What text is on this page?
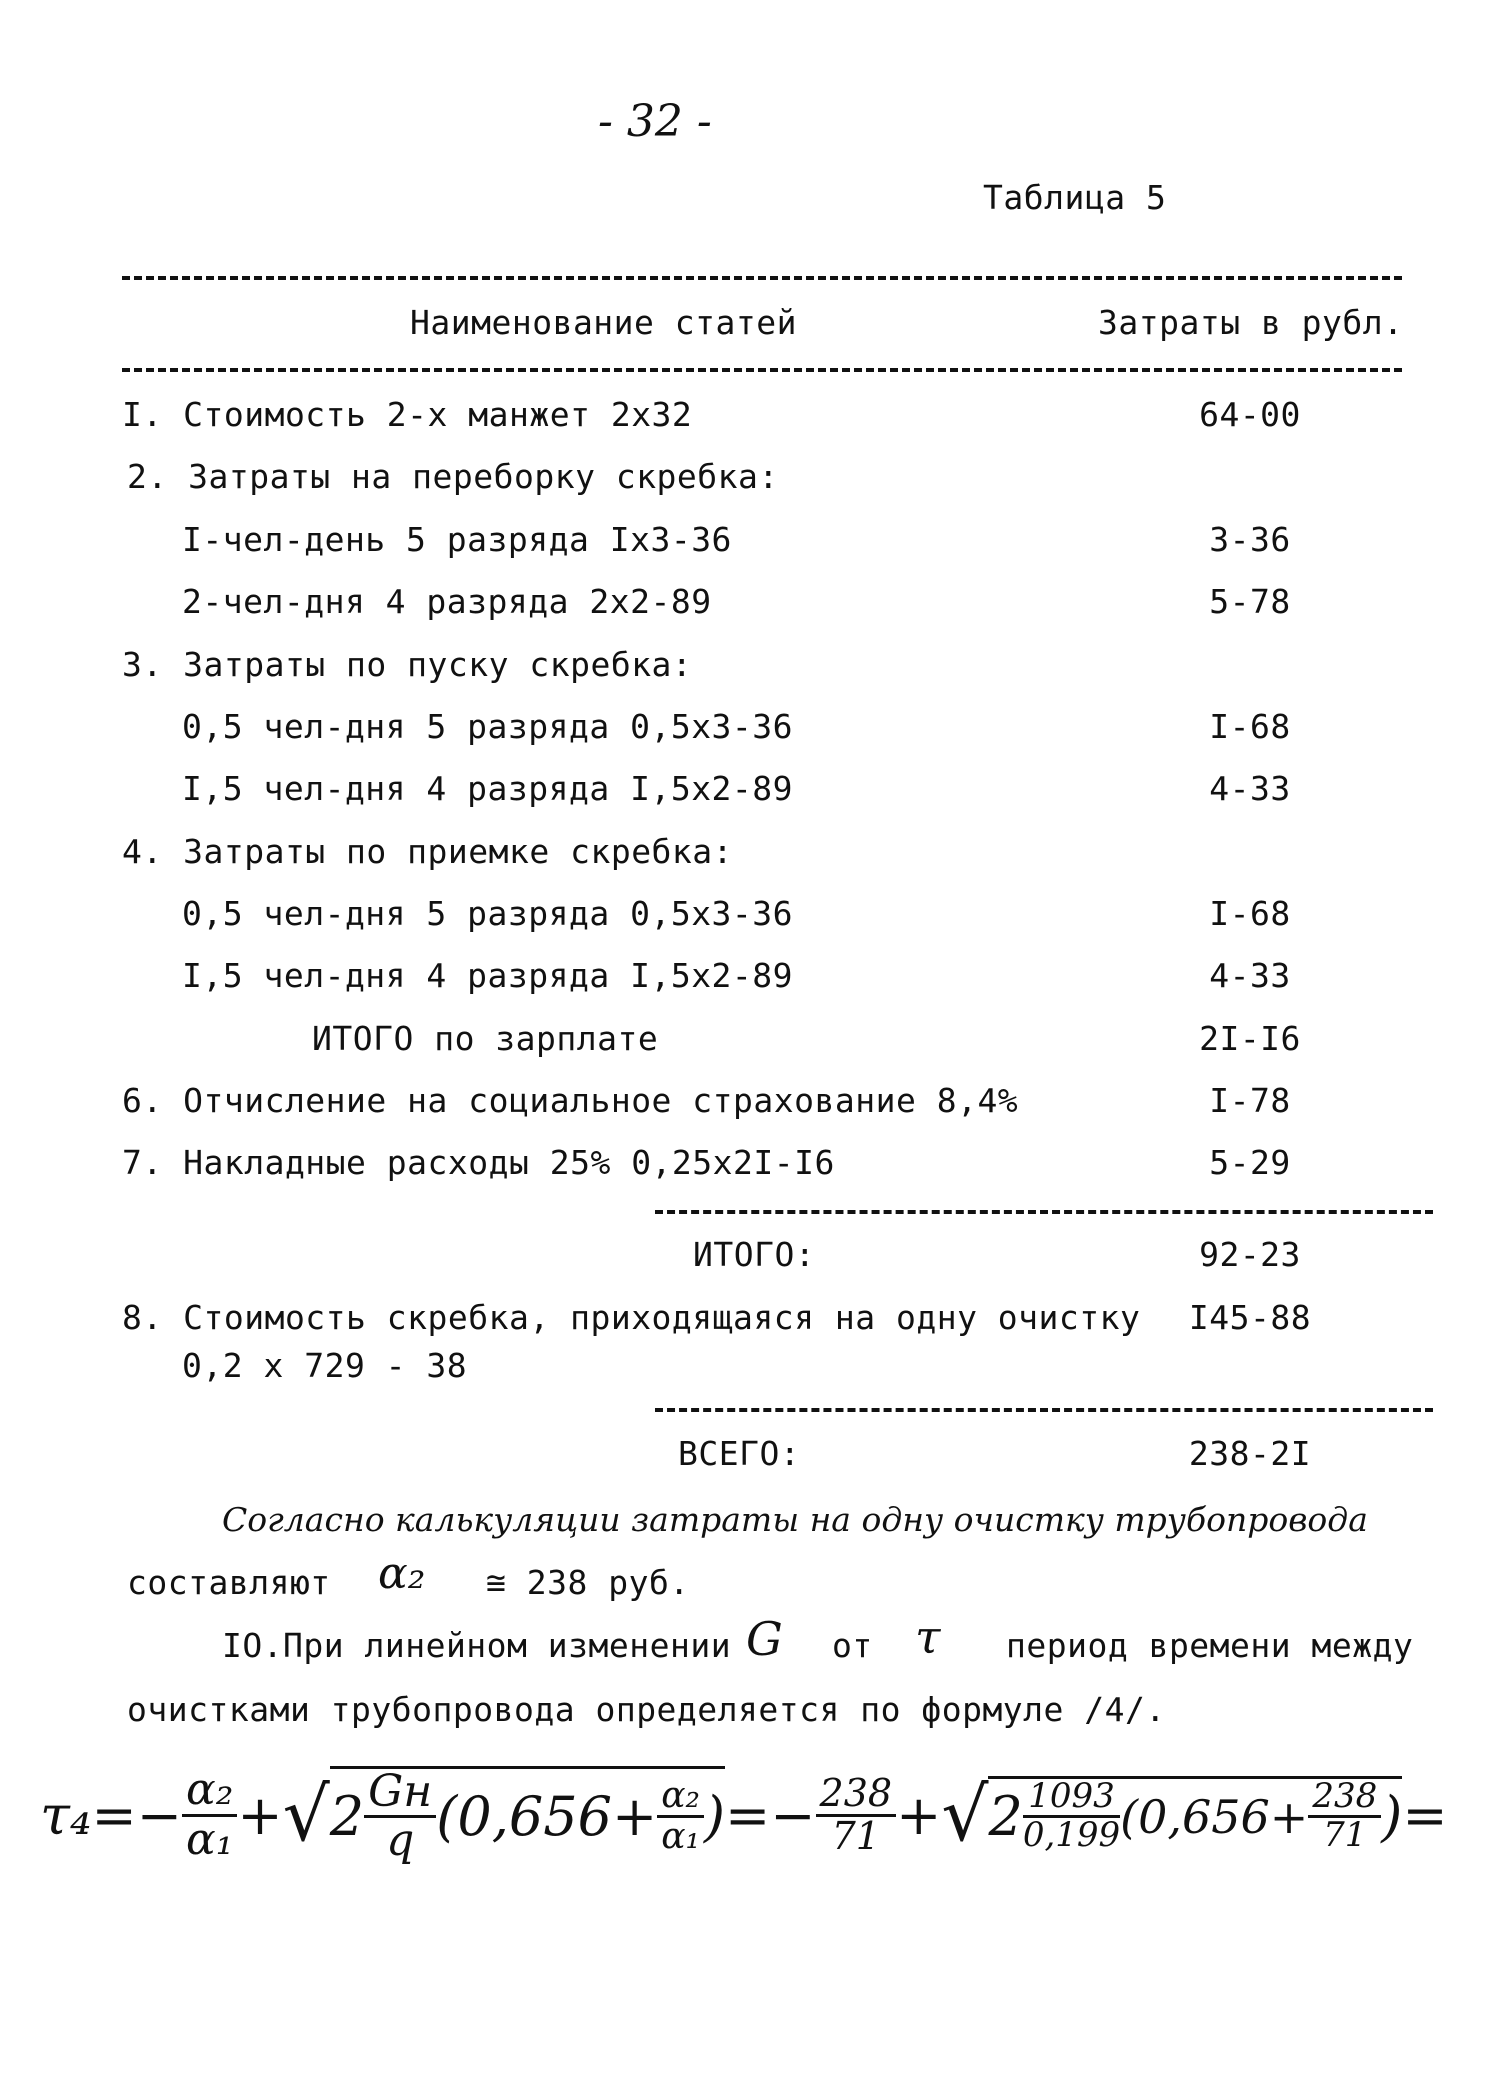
- 32 -
Таблица 5
Наименование статей	Затраты в рубл.
I. Стоимость 2-х манжет 2х32	64-00
2. Затраты на переборку скребка:
I-чел-день 5 разряда Iх3-36	3-36
2-чел-дня 4 разряда 2х2-89	5-78
3. Затраты по пуску скребка:
0,5 чел-дня 5 разряда 0,5х3-36	I-68
I,5 чел-дня 4 разряда I,5х2-89	4-33
4. Затраты по приемке скребка:
0,5 чел-дня 5 разряда 0,5х3-36	I-68
I,5 чел-дня 4 разряда I,5х2-89	4-33
ИТОГО по зарплате	2I-I6
6. Отчисление на социальное страхование 8,4%	I-78
7. Накладные расходы 25% 0,25х2I-I6	5-29
ИТОГО:	92-23
8. Стоимость скребка, приходящаяся на одну очистку	I45-88
0,2 х 729 - 38
ВСЕГО:	238-2I
Согласно калькуляции затраты на одну очистку трубопровода
составляют α₂ ≅ 238 руб.
IO. При линейном изменении G от τ период времени между
очистками трубопровода определяется по формуле /4/.
τ₄ = − $\frac{\text{α₂}}{\text{α₁}}$ + √ $2 \frac{Gн}{q} (0,656+ \frac{\text{α₂}}{\text{α₁}}$ ) = − $\frac{238}{71}$ + √ $2 \frac{1093}{0,199} (0,656+ \frac{238}{71}$ ) =
